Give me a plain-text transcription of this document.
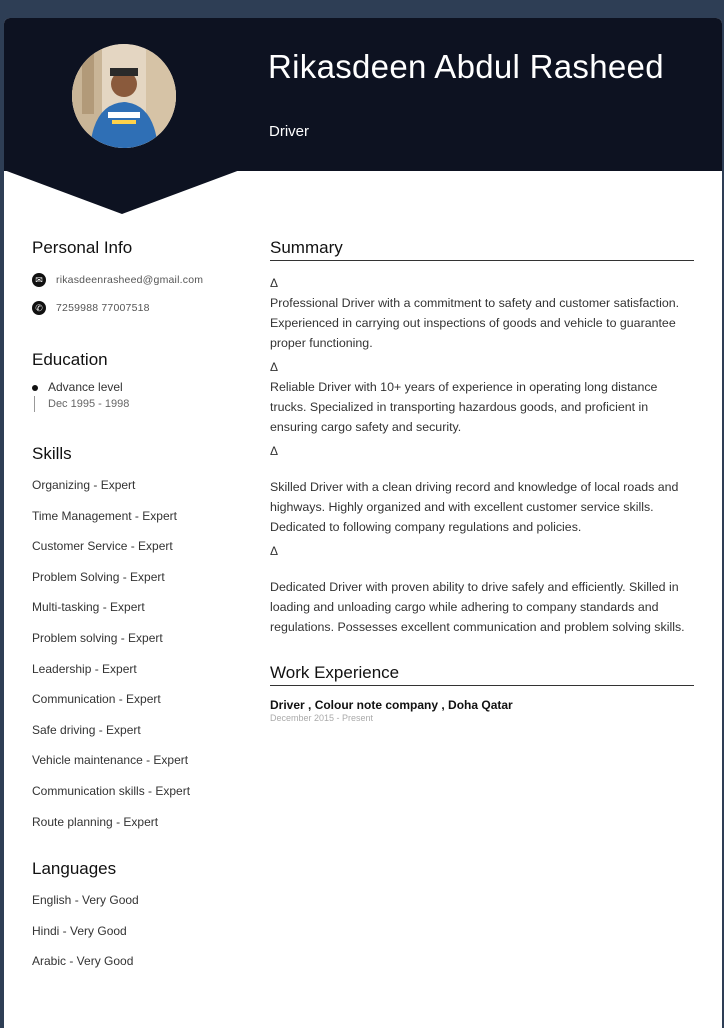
Rikasdeen Abdul Rasheed
Driver
Personal Info
✉	rikasdeenrasheed@gmail.com
✆	7259988 77007518
Education
Advance level
Dec 1995 - 1998
Skills
Organizing - Expert
Time Management - Expert
Customer Service - Expert
Problem Solving - Expert
Multi-tasking - Expert
Problem solving - Expert
Leadership - Expert
Communication - Expert
Safe driving - Expert
Vehicle maintenance - Expert
Communication skills - Expert
Route planning - Expert
Languages
English - Very Good
Hindi - Very Good
Arabic - Very Good
Summary
Δ
Professional Driver with a commitment to safety and customer satisfaction. Experienced in carrying out inspections of goods and vehicle to guarantee proper functioning.
Δ
Reliable Driver with 10+ years of experience in operating long distance trucks. Specialized in transporting hazardous goods, and proficient in ensuring cargo safety and security.
Δ
Skilled Driver with a clean driving record and knowledge of local roads and highways. Highly organized and with excellent customer service skills. Dedicated to following company regulations and policies.
Δ
Dedicated Driver with proven ability to drive safely and efficiently. Skilled in loading and unloading cargo while adhering to company standards and regulations. Possesses excellent communication and problem solving skills.
Work Experience
Driver , Colour note company , Doha Qatar
December 2015 - Present
